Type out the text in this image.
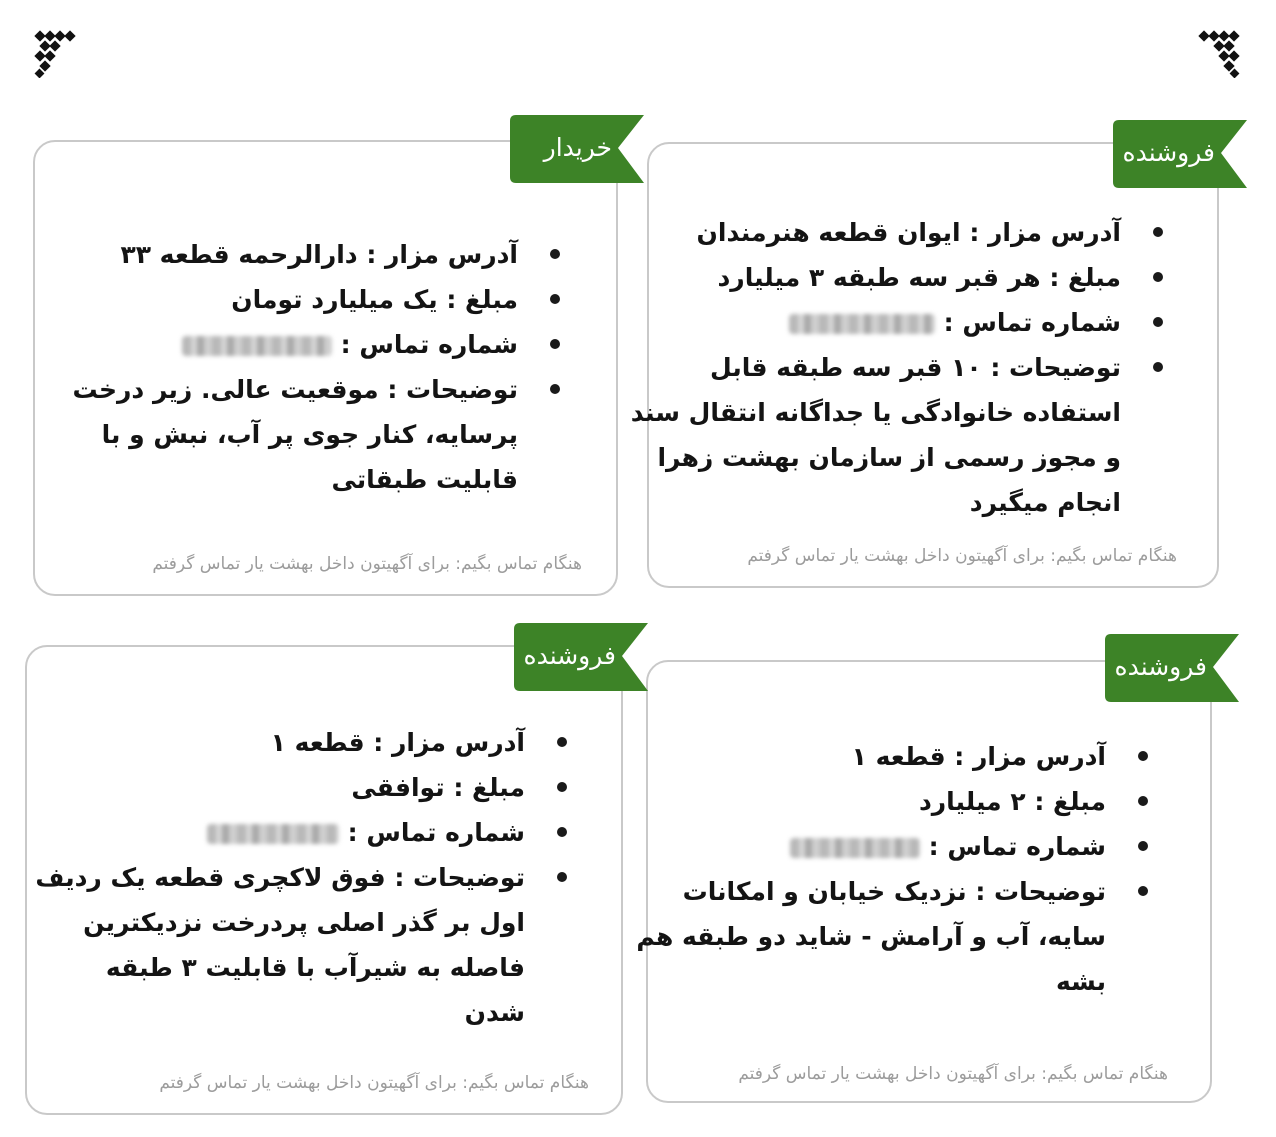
آدرس مزار : ایوان قطعه هنرمندان
مبلغ : هر قبر سه طبقه ۳ میلیارد
شماره تماس :
توضیحات : ۱۰ قبر سه طبقه قابل
استفاده خانوادگی یا جداگانه انتقال سند
و مجوز رسمی از سازمان بهشت زهرا
انجام میگیرد
هنگام تماس بگیم: برای آگهیتون داخل بهشت یار تماس گرفتم
آدرس مزار : دارالرحمه قطعه ۳۳
مبلغ : یک میلیارد تومان
شماره تماس :
توضیحات : موقعیت عالی. زیر درخت
پرسایه، کنار جوی پر آب، نبش و با
قابلیت طبقاتی
هنگام تماس بگیم: برای آگهیتون داخل بهشت یار تماس گرفتم
آدرس مزار : قطعه ۱
مبلغ : ۲ میلیارد
شماره تماس :
توضیحات : نزدیک خیابان و امکانات
سایه، آب و آرامش - شاید دو طبقه هم
بشه
هنگام تماس بگیم: برای آگهیتون داخل بهشت یار تماس گرفتم
آدرس مزار : قطعه ۱
مبلغ : توافقی
شماره تماس :
توضیحات : فوق لاکچری قطعه یک ردیف
اول بر گذر اصلی پردرخت نزدیکترین
فاصله به شیرآب با قابلیت ۳ طبقه
شدن
هنگام تماس بگیم: برای آگهیتون داخل بهشت یار تماس گرفتم
فروشنده
خریدار
فروشنده
فروشنده
